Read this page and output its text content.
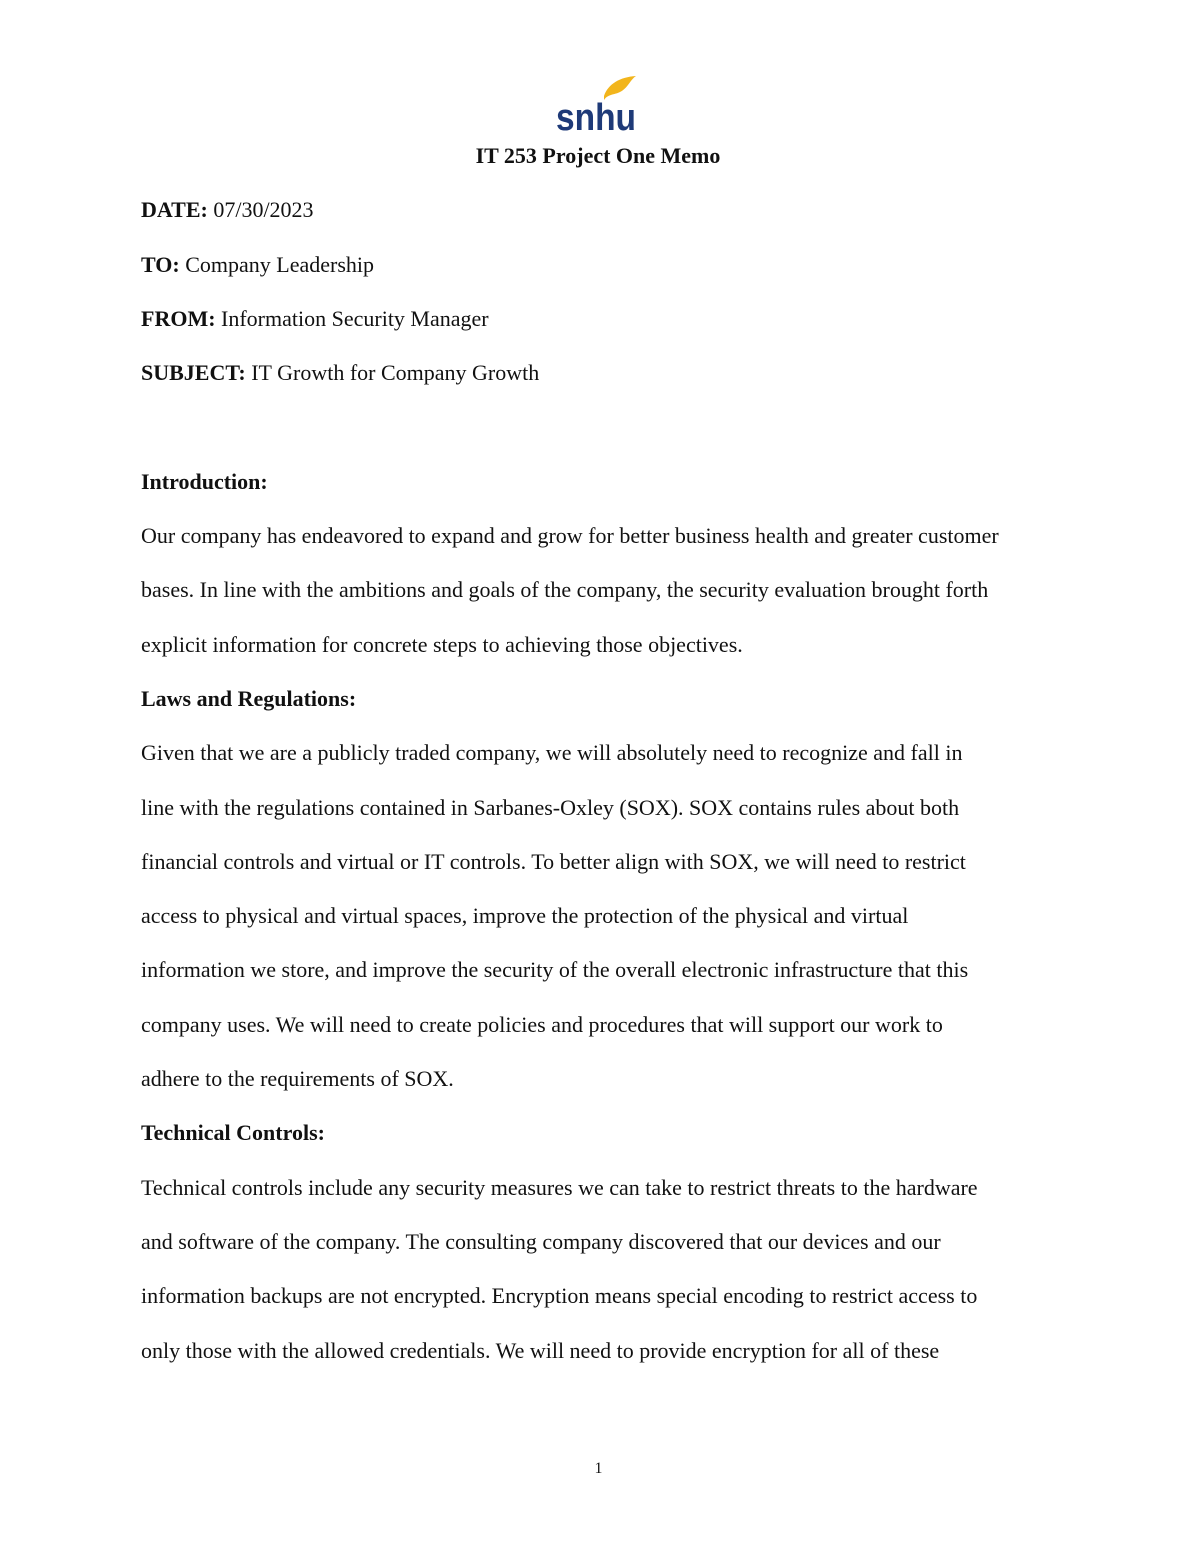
snhu
IT 253 Project One Memo
DATE: 07/30/2023
TO: Company Leadership
FROM: Information Security Manager
SUBJECT: IT Growth for Company Growth
Introduction:
Our company has endeavored to expand and grow for better business health and greater customer
bases. In line with the ambitions and goals of the company, the security evaluation brought forth
explicit information for concrete steps to achieving those objectives.
Laws and Regulations:
Given that we are a publicly traded company, we will absolutely need to recognize and fall in
line with the regulations contained in Sarbanes-Oxley (SOX). SOX contains rules about both
financial controls and virtual or IT controls. To better align with SOX, we will need to restrict
access to physical and virtual spaces, improve the protection of the physical and virtual
information we store, and improve the security of the overall electronic infrastructure that this
company uses. We will need to create policies and procedures that will support our work to
adhere to the requirements of SOX.
Technical Controls:
Technical controls include any security measures we can take to restrict threats to the hardware
and software of the company. The consulting company discovered that our devices and our
information backups are not encrypted. Encryption means special encoding to restrict access to
only those with the allowed credentials. We will need to provide encryption for all of these
1
